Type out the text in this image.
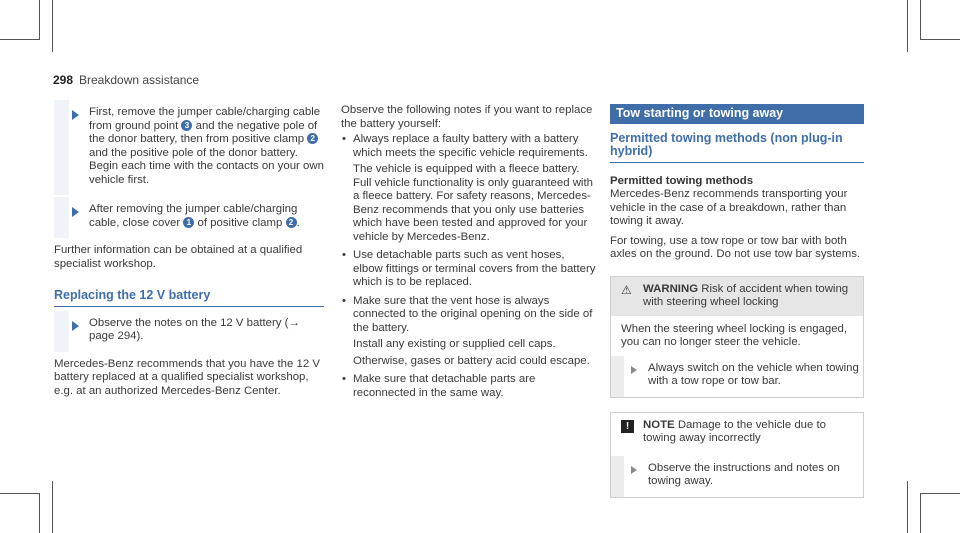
298 Breakdown assistance
First, remove the jumper cable/charging cable from ground point 3 and the negative pole of the donor battery, then from positive clamp 2 and the positive pole of the donor battery. Begin each time with the contacts on your own vehicle first.
After removing the jumper cable/charging cable, close cover 1 of positive clamp 2 .
Further information can be obtained at a qualified specialist workshop.
Replacing the 12 V battery
Observe the notes on the 12 V battery (→ page 294).
Mercedes-Benz recommends that you have the 12 V battery replaced at a qualified specialist workshop, e.g. at an authorized Mercedes-Benz Center.
Observe the following notes if you want to replace the battery yourself:
• Always replace a faulty battery with a battery which meets the specific vehicle requirements.

The vehicle is equipped with a fleece battery. Full vehicle functionality is only guaranteed with a fleece battery. For safety reasons, Mercedes-Benz recommends that you only use batteries which have been tested and approved for your vehicle by Mercedes-Benz.

• Use detachable parts such as vent hoses, elbow fittings or terminal covers from the battery which is to be replaced.
• Make sure that the vent hose is always connected to the original opening on the side of the battery.

Install any existing or supplied cell caps.

Otherwise, gases or battery acid could escape.

• Make sure that detachable parts are reconnected in the same way.
Tow starting or towing away
Permitted towing methods (non plug-in hybrid)
Permitted towing methods
Mercedes-Benz recommends transporting your vehicle in the case of a breakdown, rather than towing it away.
For towing, use a tow rope or tow bar with both axles on the ground. Do not use tow bar systems.
⚠ WARNING Risk of accident when towing with steering wheel locking
When the steering wheel locking is engaged, you can no longer steer the vehicle.
Always switch on the vehicle when towing with a tow rope or tow bar.
!	NOTE Damage to the vehicle due to towing away incorrectly
Observe the instructions and notes on towing away.
